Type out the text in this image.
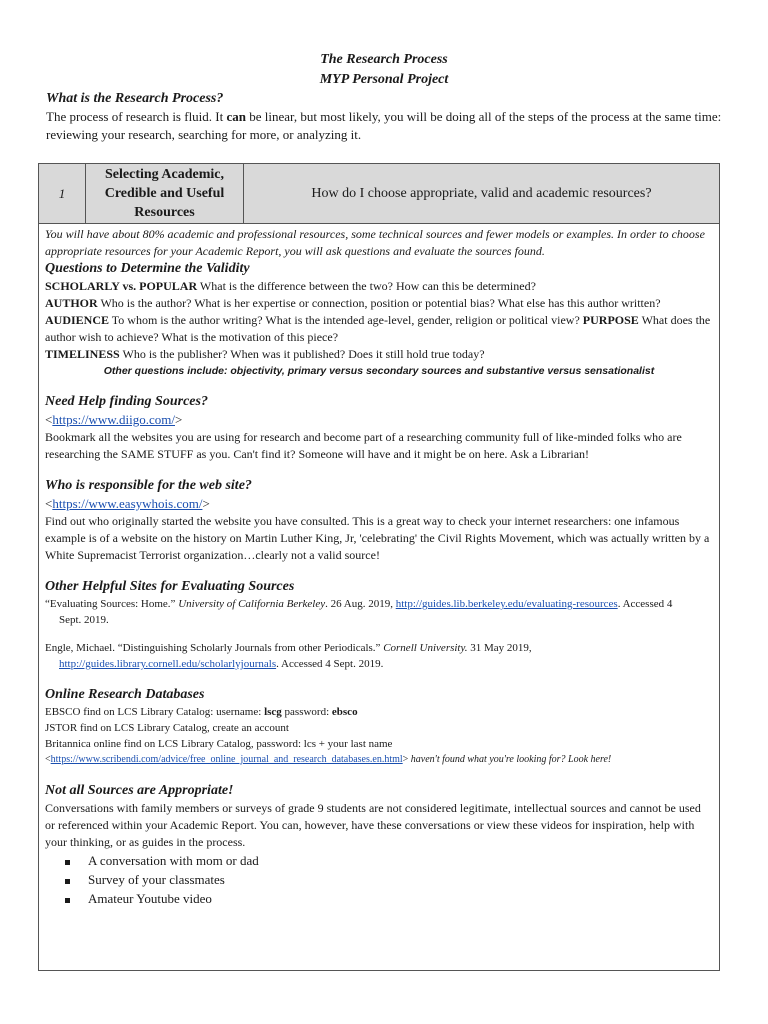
The Research Process
MYP Personal Project
What is the Research Process?
The process of research is fluid. It can be linear, but most likely, you will be doing all of the steps of the process at the same time: reviewing your research, searching for more, or analyzing it.
1	Selecting Academic, Credible and Useful Resources	How do I choose appropriate, valid and academic resources?

You will have about 80% academic and professional resources, some technical sources and fewer models or examples. In order to choose appropriate resources for your Academic Report, you will ask questions and evaluate the sources found.
Questions to Determine the Validity
SCHOLARLY vs. POPULAR What is the difference between the two? How can this be determined?
AUTHOR Who is the author? What is her expertise or connection, position or potential bias? What else has this author written?
AUDIENCE To whom is the author writing? What is the intended age-level, gender, religion or political view? PURPOSE What does the author wish to achieve? What is the motivation of this piece?
TIMELINESS Who is the publisher? When was it published? Does it still hold true today?
Other questions include: objectivity, primary versus secondary sources and substantive versus sensationalist
Need Help finding Sources?
<https://www.diigo.com/>
Bookmark all the websites you are using for research and become part of a researching community full of like-minded folks who are researching the SAME STUFF as you. Can't find it? Someone will have and it might be on here. Ask a Librarian!
Who is responsible for the web site?
<https://www.easywhois.com/>
Find out who originally started the website you have consulted. This is a great way to check your internet researchers: one infamous example is of a website on the history on Martin Luther King, Jr, 'celebrating' the Civil Rights Movement, which was actually written by a White Supremacist Terrorist organization…clearly not a valid source!
Other Helpful Sites for Evaluating Sources
“Evaluating Sources: Home.” University of California Berkeley. 26 Aug. 2019, http://guides.lib.berkeley.edu/evaluating-resources. Accessed 4
Sept. 2019.
Engle, Michael. “Distinguishing Scholarly Journals from other Periodicals.” Cornell University. 31 May 2019,
http://guides.library.cornell.edu/scholarlyjournals. Accessed 4 Sept. 2019.
Online Research Databases
EBSCO find on LCS Library Catalog: username: lscg password: ebsco
JSTOR find on LCS Library Catalog, create an account
Britannica online find on LCS Library Catalog, password: lcs + your last name
<https://www.scribendi.com/advice/free_online_journal_and_research_databases.en.html> haven't found what you're looking for? Look here!
Not all Sources are Appropriate!
Conversations with family members or surveys of grade 9 students are not considered legitimate, intellectual sources and cannot be used or referenced within your Academic Report. You can, however, have these conversations or view these videos for inspiration, help with your thinking, or as guides in the process.
A conversation with mom or dad
Survey of your classmates
Amateur Youtube video
